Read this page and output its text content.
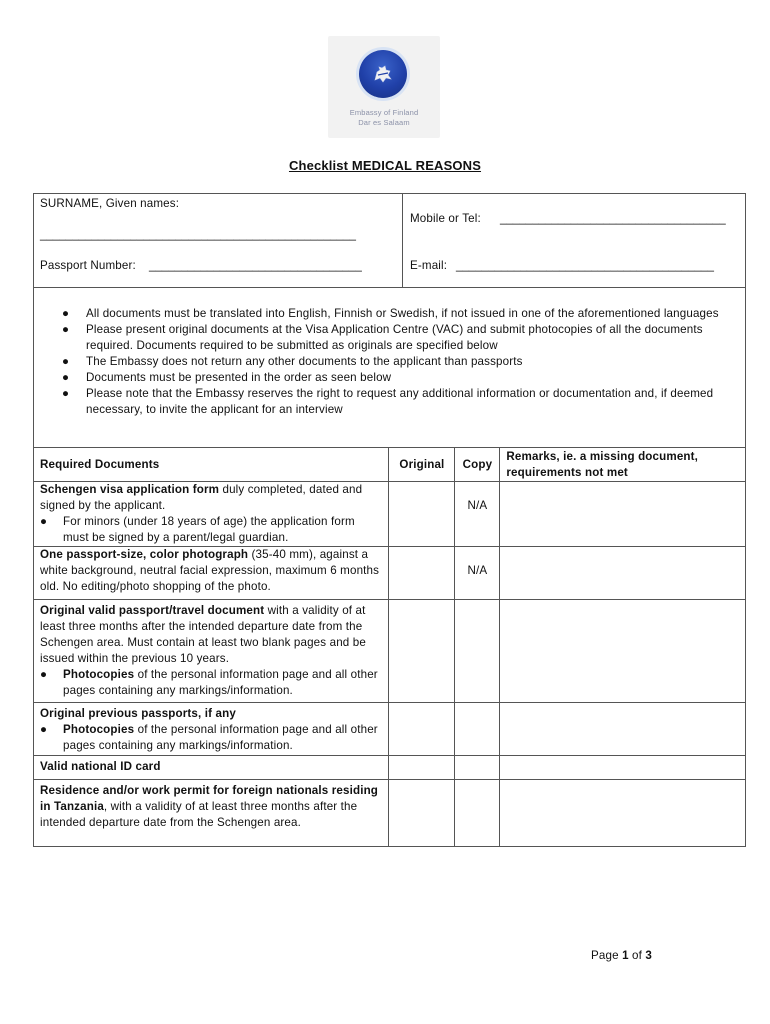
Embassy of Finland
Dar es Salaam
Checklist MEDICAL REASONS
SURNAME, Given names:
_________________________________________________
Mobile or Tel: ___________________________________
Passport Number: _________________________________	E-mail: ________________________________________
● All documents must be translated into English, Finnish or Swedish, if not issued in one of the aforementioned languages
● Please present original documents at the Visa Application Centre (VAC) and submit photocopies of all the documents required. Documents required to be submitted as originals are specified below
● The Embassy does not return any other documents to the applicant than passports
● Documents must be presented in the order as seen below
● Please note that the Embassy reserves the right to request any additional information or documentation and, if deemed necessary, to invite the applicant for an interview
Required Documents	Original	Copy	Remarks, ie. a missing document, requirements not met
Schengen visa application form duly completed, dated and signed by the applicant.
● For minors (under 18 years of age) the application form must be signed by a parent/legal guardian.		N/A	
One passport-size, color photograph (35-40 mm), against a white background, neutral facial expression, maximum 6 months old. No editing/photo shopping of the photo.		N/A	
Original valid passport/travel document with a validity of at least three months after the intended departure date from the Schengen area. Must contain at least two blank pages and be issued within the previous 10 years.
● Photocopies of the personal information page and all other pages containing any markings/information.			

Original previous passports, if any
● Photocopies of the personal information page and all other pages containing any markings/information.			

Valid national ID card			
Residence and/or work permit for foreign nationals residing in Tanzania, with a validity of at least three months after the intended departure date from the Schengen area.			
Page 1 of 3
